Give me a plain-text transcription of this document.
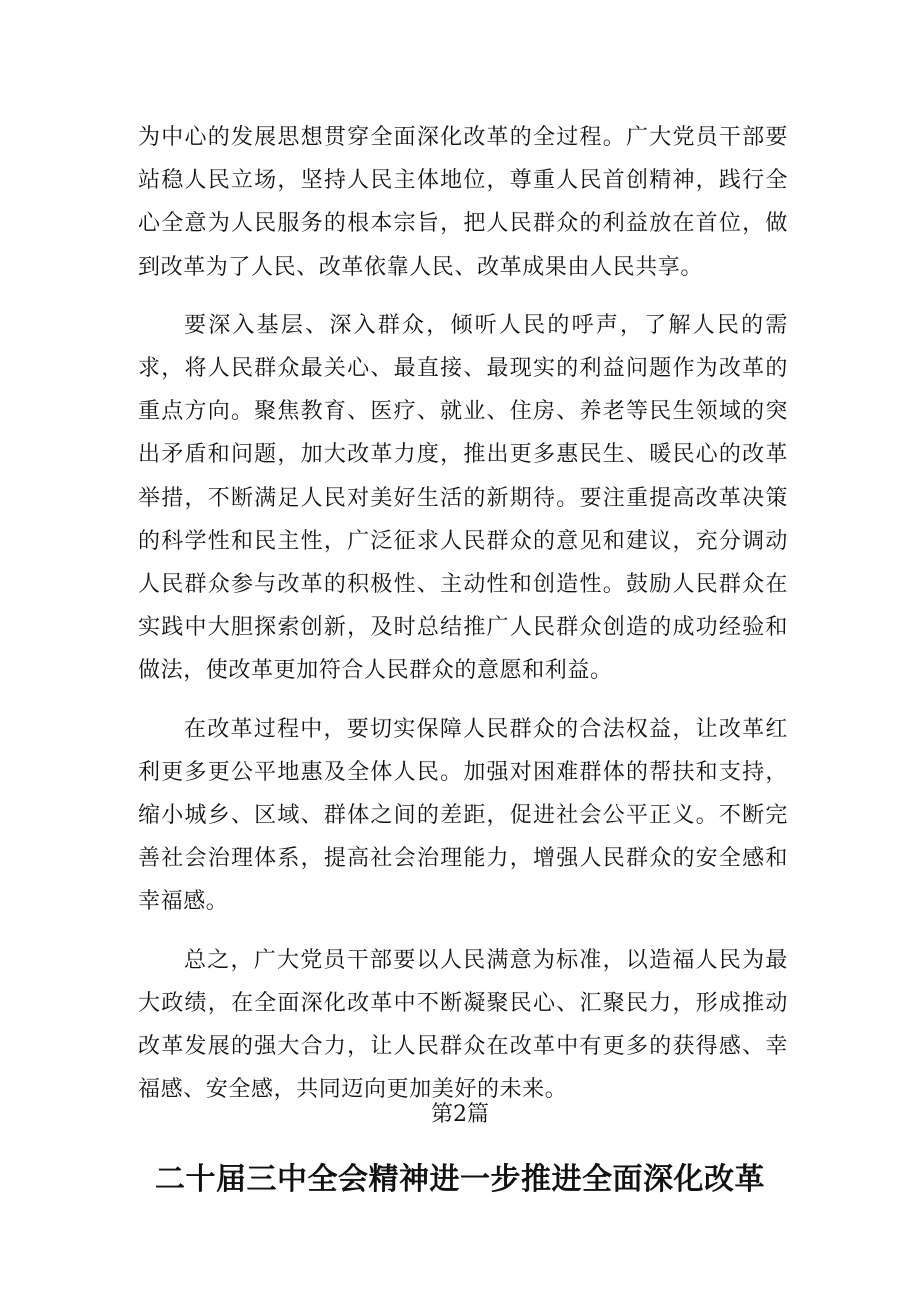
为中心的发展思想贯穿全面深化改革的全过程。广大党员干部要站稳人民立场，坚持人民主体地位，尊重人民首创精神，践行全心全意为人民服务的根本宗旨，把人民群众的利益放在首位，做到改革为了人民、改革依靠人民、改革成果由人民共享。

要深入基层、深入群众，倾听人民的呼声，了解人民的需求，将人民群众最关心、最直接、最现实的利益问题作为改革的重点方向。聚焦教育、医疗、就业、住房、养老等民生领域的突出矛盾和问题，加大改革力度，推出更多惠民生、暖民心的改革举措，不断满足人民对美好生活的新期待。要注重提高改革决策的科学性和民主性，广泛征求人民群众的意见和建议，充分调动人民群众参与改革的积极性、主动性和创造性。鼓励人民群众在实践中大胆探索创新，及时总结推广人民群众创造的成功经验和做法，使改革更加符合人民群众的意愿和利益。

在改革过程中，要切实保障人民群众的合法权益，让改革红利更多更公平地惠及全体人民。加强对困难群体的帮扶和支持，缩小城乡、区域、群体之间的差距，促进社会公平正义。不断完善社会治理体系，提高社会治理能力，增强人民群众的安全感和幸福感。

总之，广大党员干部要以人民满意为标准，以造福人民为最大政绩，在全面深化改革中不断凝聚民心、汇聚民力，形成推动改革发展的强大合力，让人民群众在改革中有更多的获得感、幸福感、安全感，共同迈向更加美好的未来。

第2篇

二十届三中全会精神进一步推进全面深化改革
